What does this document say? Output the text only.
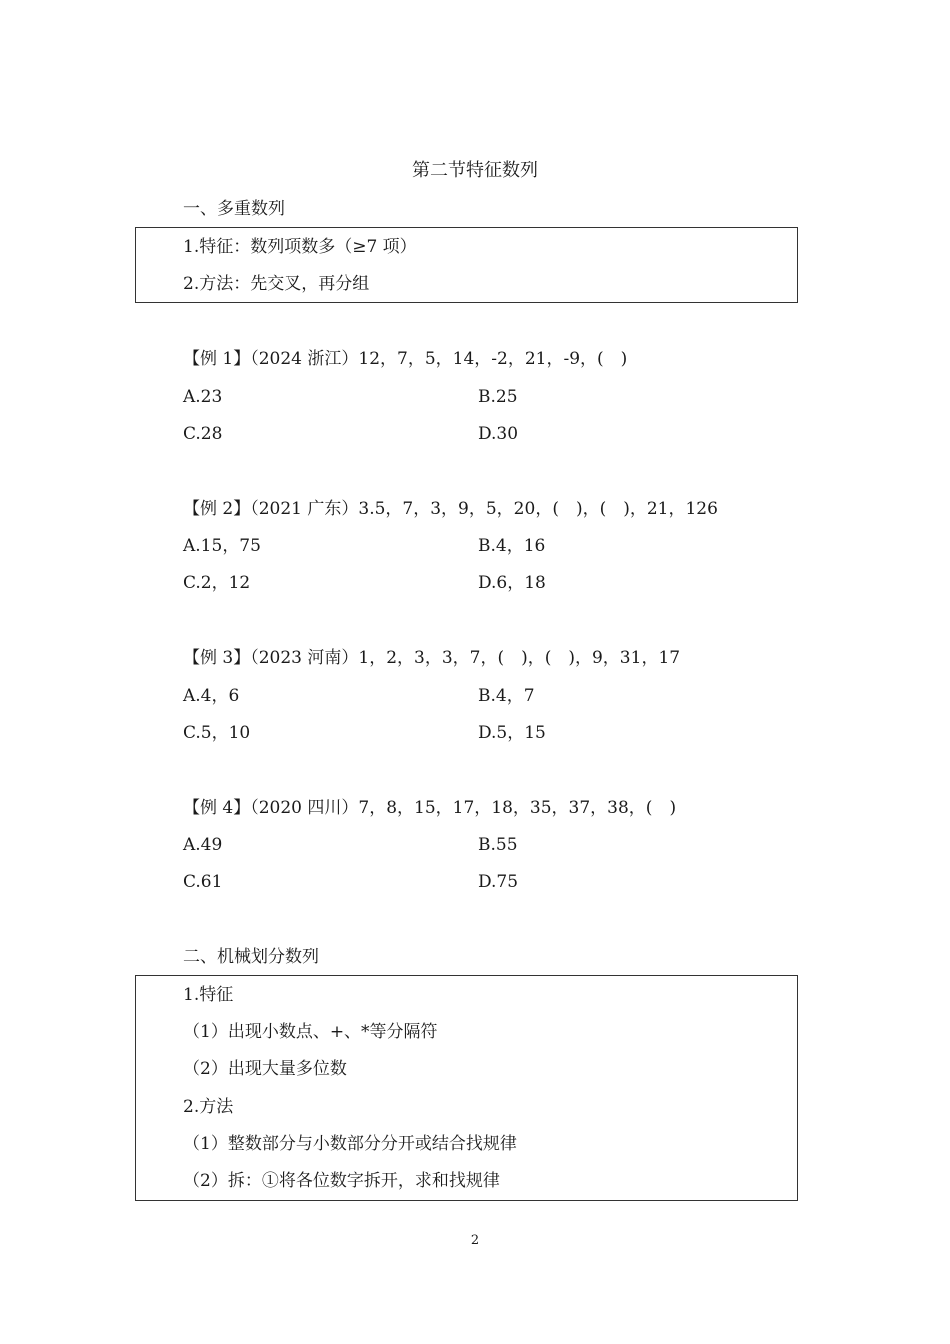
第二节特征数列
一、多重数列
1.特征：数列项数多（≥7 项）
2.方法：先交叉，再分组
【例 1】（2024 浙江）12，7，5，14，-2，21，-9，(　)
A.23	B.25
C.28	D.30
【例 2】（2021 广东）3.5，7，3，9，5，20，(　)，(　)，21，126
A.15，75	B.4，16
C.2，12	D.6，18
【例 3】（2023 河南）1，2，3，3，7，(　)，(　)，9，31，17
A.4，6	B.4，7
C.5，10	D.5，15
【例 4】（2020 四川）7，8，15，17，18，35，37，38，(　)
A.49	B.55
C.61	D.75
二、机械划分数列
1.特征
（1）出现小数点、+、*等分隔符
（2）出现大量多位数
2.方法
（1）整数部分与小数部分分开或结合找规律
（2）拆：①将各位数字拆开，求和找规律
2
